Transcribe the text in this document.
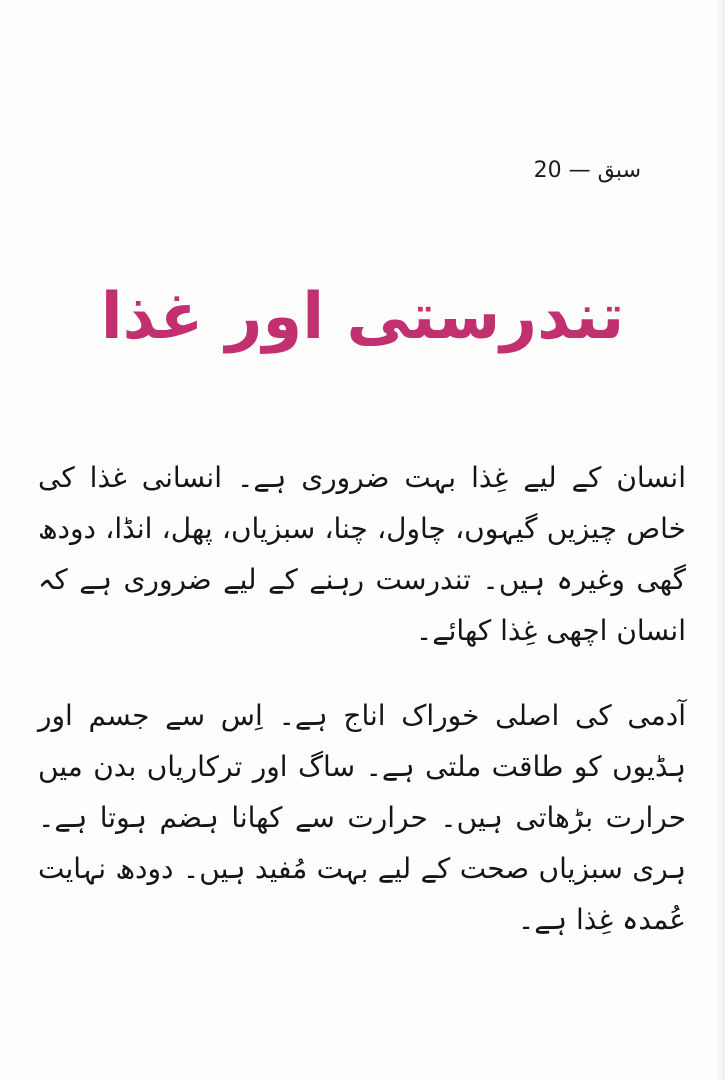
سبق — 20
تندرستی اور غذا

انسان کے لیے غِذا بہت ضروری ہے۔ انسانی غذا کی خاص چیزیں گیہوں، چاول، چنا، سبزیاں، پھل، انڈا، دودھ گھی وغیرہ ہیں۔ تندرست رہنے کے لیے ضروری ہے کہ انسان اچھی غِذا کھائے۔

آدمی کی اصلی خوراک اناج ہے۔ اِس سے جسم اور ہڈیوں کو طاقت ملتی ہے۔ ساگ اور ترکاریاں بدن میں حرارت بڑھاتی ہیں۔ حرارت سے کھانا ہضم ہوتا ہے۔ ہری سبزیاں صحت کے لیے بہت مُفید ہیں۔ دودھ نہایت عُمدہ غِذا ہے۔
